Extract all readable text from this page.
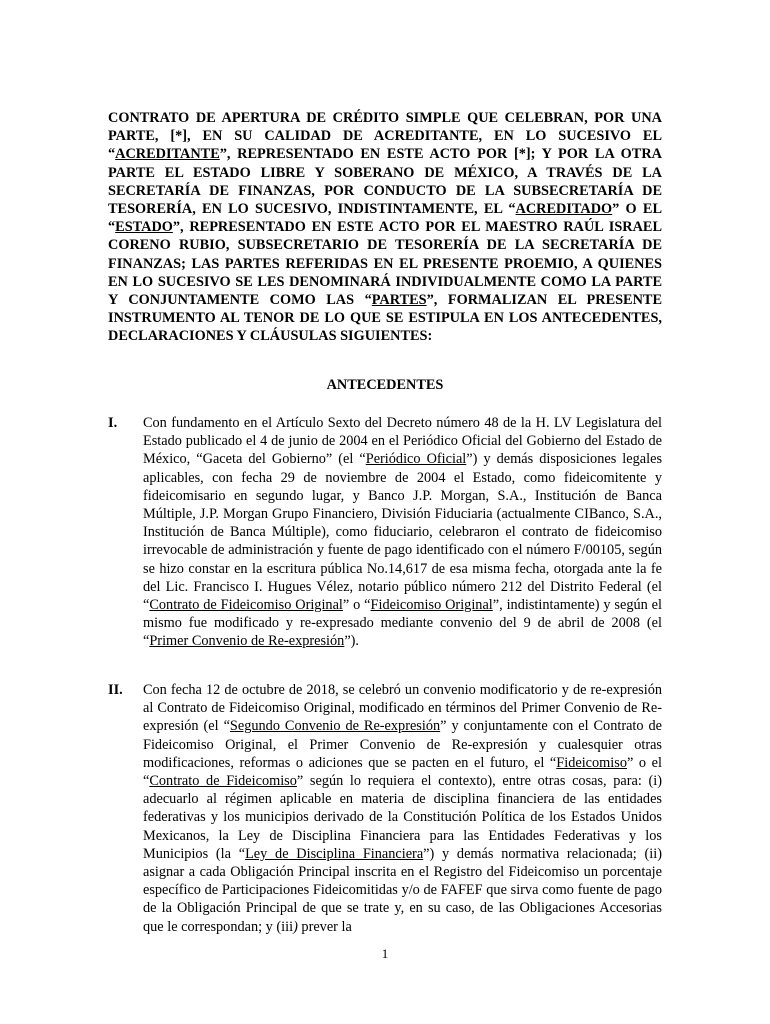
CONTRATO DE APERTURA DE CRÉDITO SIMPLE QUE CELEBRAN, POR UNA PARTE, [*], EN SU CALIDAD DE ACREDITANTE, EN LO SUCESIVO EL “ACREDITANTE”, REPRESENTADO EN ESTE ACTO POR [*]; Y POR LA OTRA PARTE EL ESTADO LIBRE Y SOBERANO DE MÉXICO, A TRAVÉS DE LA SECRETARÍA DE FINANZAS, POR CONDUCTO DE LA SUBSECRETARÍA DE TESORERÍA, EN LO SUCESIVO, INDISTINTAMENTE, EL “ACREDITADO” O EL “ESTADO”, REPRESENTADO EN ESTE ACTO POR EL MAESTRO RAÚL ISRAEL CORENO RUBIO, SUBSECRETARIO DE TESORERÍA DE LA SECRETARÍA DE FINANZAS; LAS PARTES REFERIDAS EN EL PRESENTE PROEMIO, A QUIENES EN LO SUCESIVO SE LES DENOMINARÁ INDIVIDUALMENTE COMO LA PARTE Y CONJUNTAMENTE COMO LAS “PARTES”, FORMALIZAN EL PRESENTE INSTRUMENTO AL TENOR DE LO QUE SE ESTIPULA EN LOS ANTECEDENTES, DECLARACIONES Y CLÁUSULAS SIGUIENTES:
ANTECEDENTES
I. Con fundamento en el Artículo Sexto del Decreto número 48 de la H. LV Legislatura del Estado publicado el 4 de junio de 2004 en el Periódico Oficial del Gobierno del Estado de México, “Gaceta del Gobierno” (el “Periódico Oficial”) y demás disposiciones legales aplicables, con fecha 29 de noviembre de 2004 el Estado, como fideicomitente y fideicomisario en segundo lugar, y Banco J.P. Morgan, S.A., Institución de Banca Múltiple, J.P. Morgan Grupo Financiero, División Fiduciaria (actualmente CIBanco, S.A., Institución de Banca Múltiple), como fiduciario, celebraron el contrato de fideicomiso irrevocable de administración y fuente de pago identificado con el número F/00105, según se hizo constar en la escritura pública No.14,617 de esa misma fecha, otorgada ante la fe del Lic. Francisco I. Hugues Vélez, notario público número 212 del Distrito Federal (el “Contrato de Fideicomiso Original” o “Fideicomiso Original”, indistintamente) y según el mismo fue modificado y re-expresado mediante convenio del 9 de abril de 2008 (el “Primer Convenio de Re-expresión”).
II. Con fecha 12 de octubre de 2018, se celebró un convenio modificatorio y de re-expresión al Contrato de Fideicomiso Original, modificado en términos del Primer Convenio de Re-expresión (el “Segundo Convenio de Re-expresión” y conjuntamente con el Contrato de Fideicomiso Original, el Primer Convenio de Re-expresión y cualesquier otras modificaciones, reformas o adiciones que se pacten en el futuro, el “Fideicomiso” o el “Contrato de Fideicomiso” según lo requiera el contexto), entre otras cosas, para: (i) adecuarlo al régimen aplicable en materia de disciplina financiera de las entidades federativas y los municipios derivado de la Constitución Política de los Estados Unidos Mexicanos, la Ley de Disciplina Financiera para las Entidades Federativas y los Municipios (la “Ley de Disciplina Financiera”) y demás normativa relacionada; (ii) asignar a cada Obligación Principal inscrita en el Registro del Fideicomiso un porcentaje específico de Participaciones Fideicomitidas y/o de FAFEF que sirva como fuente de pago de la Obligación Principal de que se trate y, en su caso, de las Obligaciones Accesorias que le correspondan; y (iii) prever la
1
